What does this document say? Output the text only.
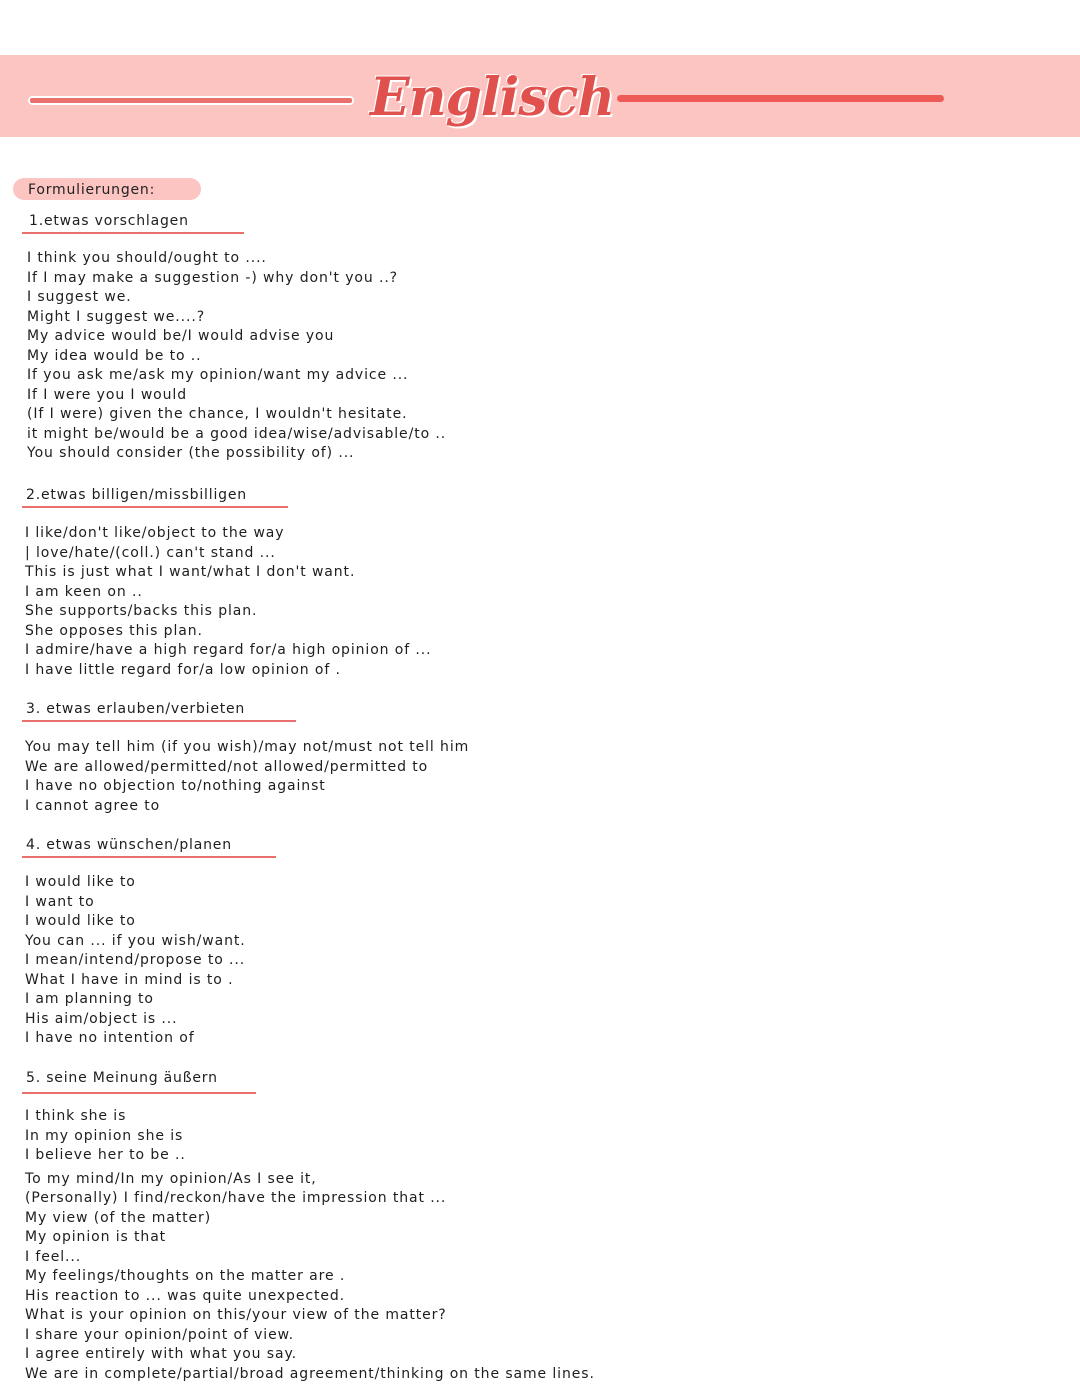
Englisch
Formulierungen:
1.etwas vorschlagen
I think you should/ought to ....
If I may make a suggestion -) why don't you ..?
I suggest we.
Might I suggest we....?
My advice would be/I would advise you
My idea would be to ..
If you ask me/ask my opinion/want my advice ...
If I were you I would
(If I were) given the chance, I wouldn't hesitate.
it might be/would be a good idea/wise/advisable/to ..
You should consider (the possibility of) ...
2.etwas billigen/missbilligen
I like/don't like/object to the way
| love/hate/(coll.) can't stand ...
This is just what I want/what I don't want.
I am keen on ..
She supports/backs this plan.
She opposes this plan.
I admire/have a high regard for/a high opinion of ...
I have little regard for/a low opinion of .
3. etwas erlauben/verbieten
You may tell him (if you wish)/may not/must not tell him
We are allowed/permitted/not allowed/permitted to
I have no objection to/nothing against
I cannot agree to
4. etwas wünschen/planen
I would like to
I want to
I would like to
You can ... if you wish/want.
I mean/intend/propose to ...
What I have in mind is to .
I am planning to
His aim/object is ...
I have no intention of
5. seine Meinung äußern
I think she is
In my opinion she is
I believe her to be ..
To my mind/In my opinion/As I see it,
(Personally) I find/reckon/have the impression that ...
My view (of the matter)
My opinion is that
I feel...
My feelings/thoughts on the matter are .
His reaction to ... was quite unexpected.
What is your opinion on this/your view of the matter?
I share your opinion/point of view.
I agree entirely with what you say.
We are in complete/partial/broad agreement/thinking on the same lines.
